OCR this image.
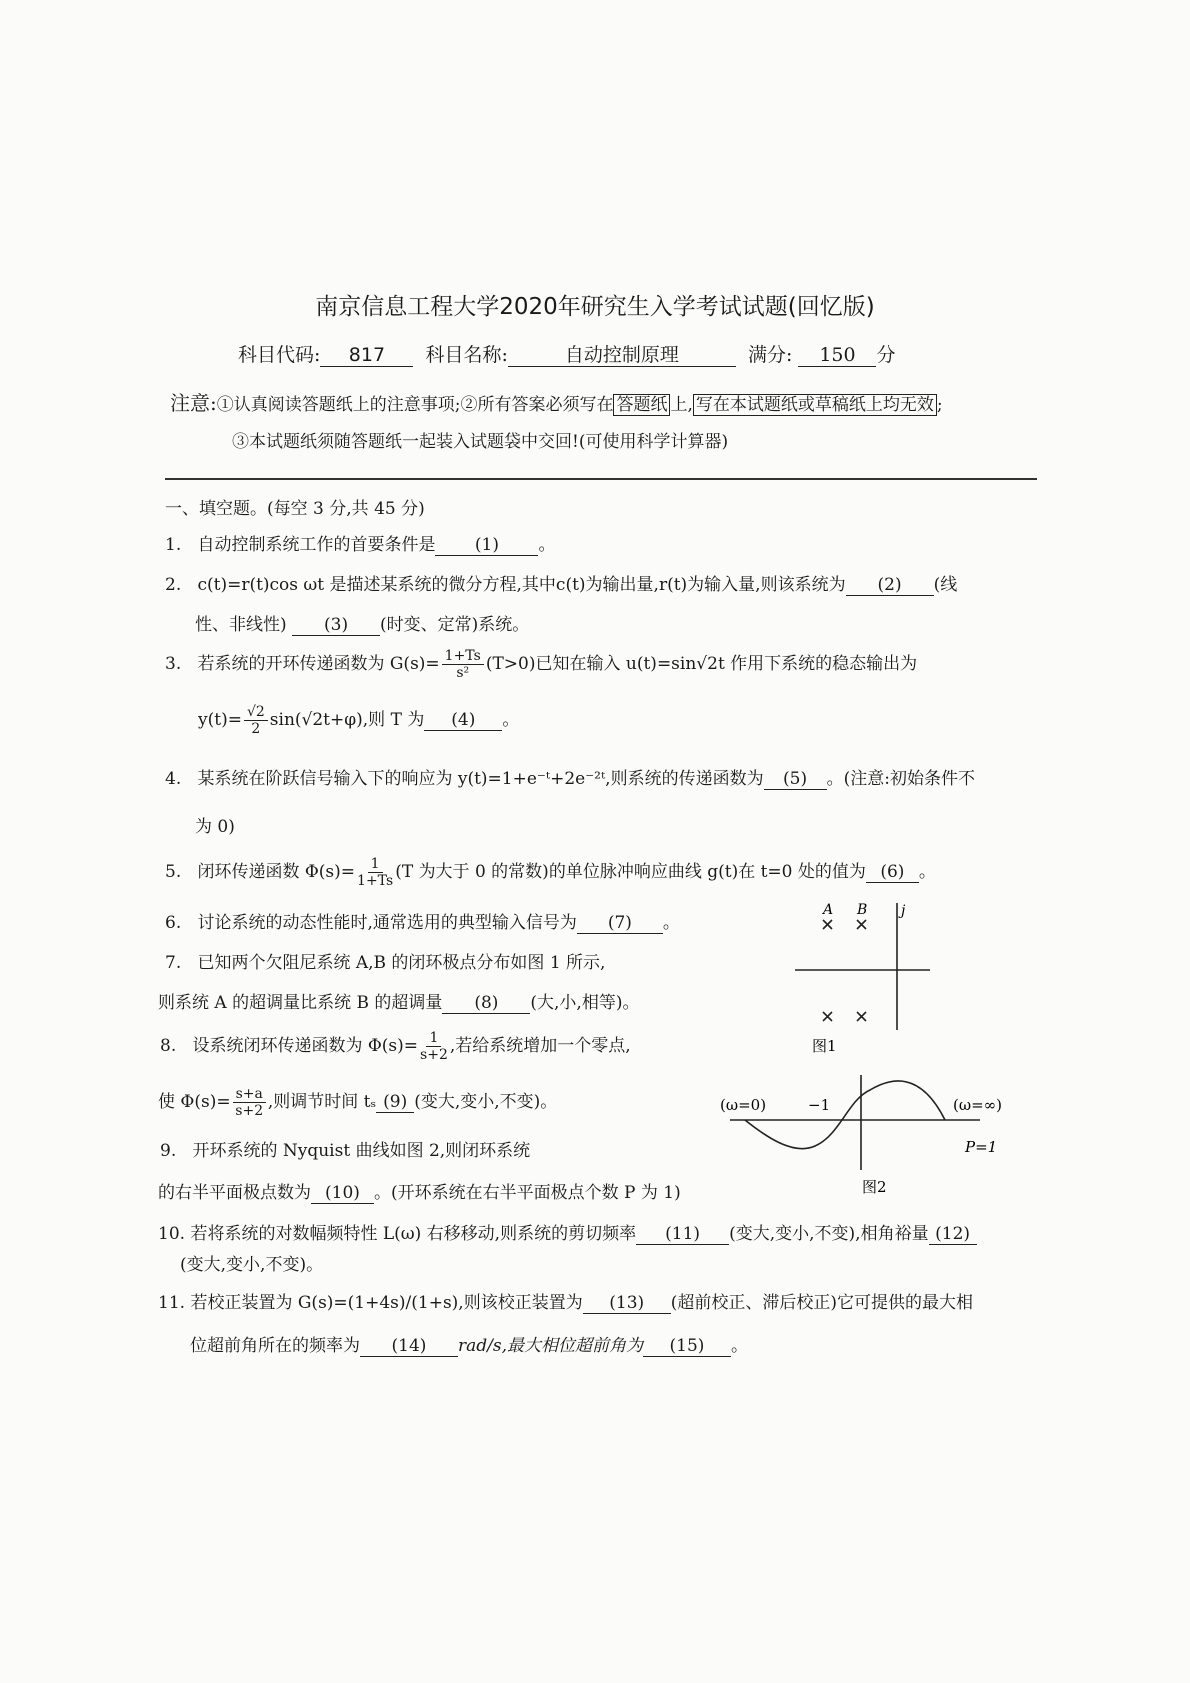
南京信息工程大学2020年研究生入学考试试题(回忆版)
科目代码: 817 科目名称:	自动控制原理	满分: 150 分
注意:①认真阅读答题纸上的注意事项;②所有答案必须写在 答题纸 上, 写在本试题纸或草稿纸上均无效 ;
③本试题纸须随答题纸一起装入试题袋中交回!(可使用科学计算器)
一、填空题。(每空 3 分,共 45 分)
1. 自动控制系统工作的首要条件是 (1) 。
2. c(t)=r(t)cos ωt 是描述某系统的微分方程,其中c(t)为输出量,r(t)为输入量,则该系统为 (2) (线
性、非线性) (3) (时变、定常)系统。
3. 若系统的开环传递函数为 $G(s)= \frac{1+Ts}{\text{s²}} (T>0)$已知在输入 u(t)=sin√2t 作用下系统的稳态输出为
$y(t)= \frac{√2}{2} \sin(√2t+\varphi)$,则 T 为 (4) 。
4. 某系统在阶跃信号输入下的响应为 y(t)=1+e⁻ᵗ+2e⁻²ᵗ,则系统的传递函数为 (5) 。(注意:初始条件不
为 0)
5. 闭环传递函数 $\Phi(s)= \frac{1}{1+Ts} (T$ 为大于 0 的常数)的单位脉冲响应曲线 g(t)在 t=0 处的值为 (6) 。
6. 讨论系统的动态性能时,通常选用的典型输入信号为 (7) 。
7. 已知两个欠阻尼系统 A,B 的闭环极点分布如图 1 所示,
则系统 A 的超调量比系统 B 的超调量 (8) (大,小,相等)。
8. 设系统闭环传递函数为 $\Phi(s)= \frac{1}{s+2}$ ,若给系统增加一个零点,
使 $\Phi(s)= \frac{s+a}{s+2}$ ,则调节时间 tₛ (9) (变大,变小,不变)。
9. 开环系统的 Nyquist 曲线如图 2,则闭环系统
的右半平面极点数为 (10) 。(开环系统在右半平面极点个数 P 为 1)
10. 若将系统的对数幅频特性 L(ω) 右移移动,则系统的剪切频率 (11) (变大,变小,不变),相角裕量 (12)
(变大,变小,不变)。
11. 若校正装置为 G(s)=(1+4s)/(1+s),则该校正装置为 (13) (超前校正、滞后校正)它可提供的最大相
位超前角所在的频率为 (14) rad/s,最大相位超前角为 (15) 。
A B j
图1
(ω=0)	−1	(ω=∞)
P=1
图2
